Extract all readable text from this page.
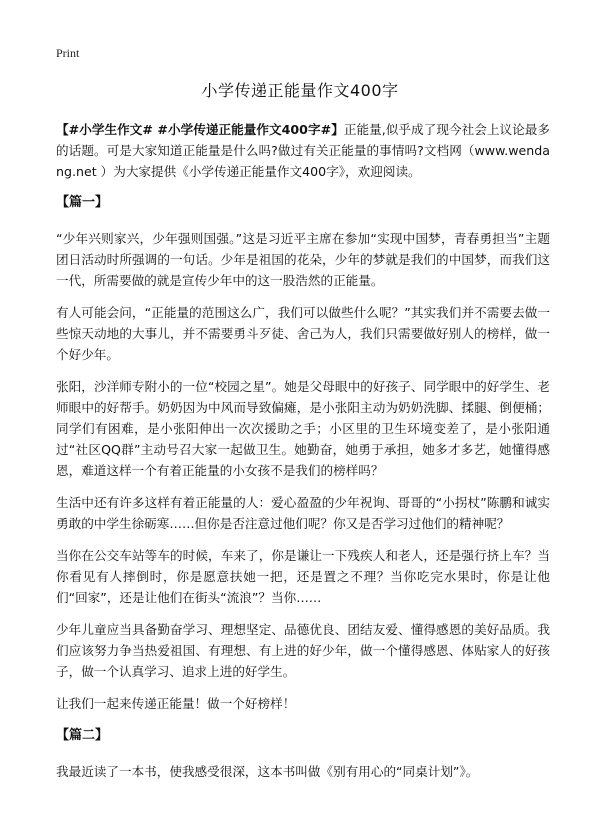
Print
小学传递正能量作文400字

【#小学生作文# #小学传递正能量作文400字#】正能量,似乎成了现今社会上议论最多的话题。可是大家知道正能量是什么吗?做过有关正能量的事情吗?文档网（www.wendang.net ）为大家提供《小学传递正能量作文400字》，欢迎阅读。

【篇一】

“少年兴则家兴，少年强则国强。”这是习近平主席在参加“实现中国梦，青春勇担当”主题团日活动时所强调的一句话。少年是祖国的花朵，少年的梦就是我们的中国梦，而我们这一代，所需要做的就是宣传少年中的这一股浩然的正能量。

有人可能会问，“正能量的范围这么广，我们可以做些什么呢？”其实我们并不需要去做一些惊天动地的大事儿，并不需要勇斗歹徒、舍己为人，我们只需要做好别人的榜样，做一个好少年。

张阳，沙洋师专附小的一位“校园之星”。她是父母眼中的好孩子、同学眼中的好学生、老师眼中的好帮手。奶奶因为中风而导致偏瘫，是小张阳主动为奶奶洗脚、揉腿、倒便桶；同学们有困难，是小张阳伸出一次次援助之手；小区里的卫生环境变差了，是小张阳通过“社区QQ群”主动号召大家一起做卫生。她勤奋，她勇于承担，她多才多艺，她懂得感恩，难道这样一个有着正能量的小女孩不是我们的榜样吗？

生活中还有许多这样有着正能量的人：爱心盈盈的少年祝询、哥哥的“小拐杖”陈鹏和诚实勇敢的中学生徐砺寒……但你是否注意过他们呢？你又是否学习过他们的精神呢？

当你在公交车站等车的时候，车来了，你是谦让一下残疾人和老人，还是强行挤上车？当你看见有人摔倒时，你是愿意扶她一把，还是置之不理？当你吃完水果时，你是让他们“回家”，还是让他们在街头“流浪”？当你……

少年儿童应当具备勤奋学习、理想坚定、品德优良、团结友爱、懂得感恩的美好品质。我们应该努力争当热爱祖国、有理想、有上进的好少年，做一个懂得感恩、体贴家人的好孩子，做一个认真学习、追求上进的好学生。

让我们一起来传递正能量！做一个好榜样！

【篇二】

我最近读了一本书，使我感受很深，这本书叫做《别有用心的“同桌计划”》。
